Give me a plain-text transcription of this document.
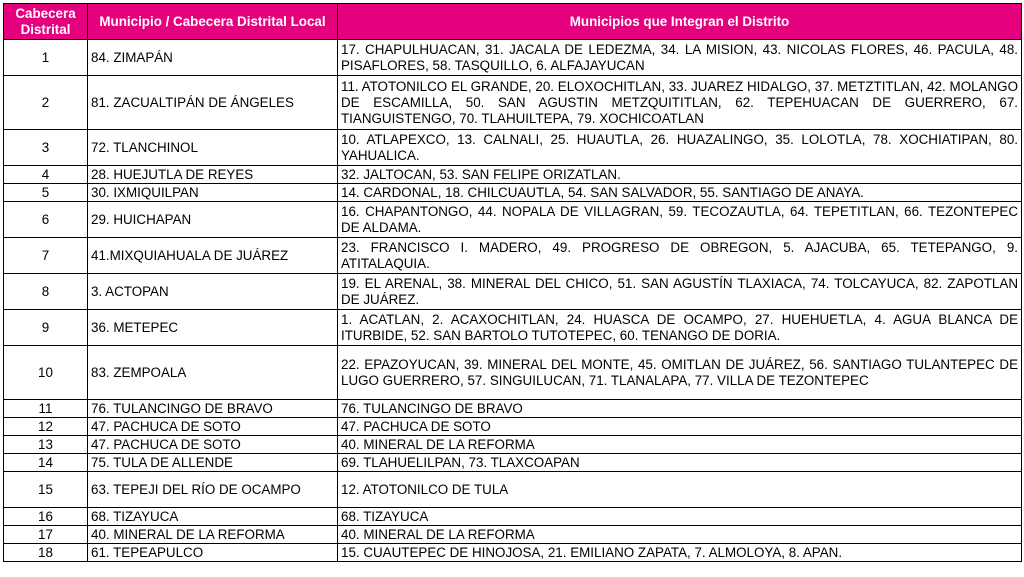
Cabecera Distrital	Municipio / Cabecera Distrital Local	Municipios que Integran el Distrito
1	84. ZIMAPÁN	17. CHAPULHUACAN, 31. JACALA DE LEDEZMA, 34. LA MISION, 43. NICOLAS FLORES, 46. PACULA, 48. PISAFLORES, 58. TASQUILLO, 6. ALFAJAYUCAN
2	81. ZACUALTIPÁN DE ÁNGELES	11. ATOTONILCO EL GRANDE, 20. ELOXOCHITLAN, 33. JUAREZ HIDALGO, 37. METZTITLAN, 42. MOLANGO DE ESCAMILLA, 50. SAN AGUSTIN METZQUITITLAN, 62. TEPEHUACAN DE GUERRERO, 67. TIANGUISTENGO, 70. TLAHUILTEPA, 79. XOCHICOATLAN
3	72. TLANCHINOL	10. ATLAPEXCO, 13. CALNALI, 25. HUAUTLA, 26. HUAZALINGO, 35. LOLOTLA, 78. XOCHIATIPAN, 80. YAHUALICA.
4	28. HUEJUTLA DE REYES	32. JALTOCAN, 53. SAN FELIPE ORIZATLAN.
5	30. IXMIQUILPAN	14. CARDONAL, 18. CHILCUAUTLA, 54. SAN SALVADOR, 55. SANTIAGO DE ANAYA.
6	29. HUICHAPAN	16. CHAPANTONGO, 44. NOPALA DE VILLAGRAN, 59. TECOZAUTLA, 64. TEPETITLAN, 66. TEZONTEPEC DE ALDAMA.
7	41.MIXQUIAHUALA DE JUÁREZ	23. FRANCISCO I. MADERO, 49. PROGRESO DE OBREGON, 5. AJACUBA, 65. TETEPANGO, 9. ATITALAQUIA.
8	3. ACTOPAN	19. EL ARENAL, 38. MINERAL DEL CHICO, 51. SAN AGUSTÍN TLAXIACA, 74. TOLCAYUCA, 82. ZAPOTLAN DE JUÁREZ.
9	36. METEPEC	1. ACATLAN, 2. ACAXOCHITLAN, 24. HUASCA DE OCAMPO, 27. HUEHUETLA, 4. AGUA BLANCA DE ITURBIDE, 52. SAN BARTOLO TUTOTEPEC, 60. TENANGO DE DORIA.
10	83. ZEMPOALA	22. EPAZOYUCAN, 39. MINERAL DEL MONTE, 45. OMITLAN DE JUÁREZ, 56. SANTIAGO TULANTEPEC DE LUGO GUERRERO, 57. SINGUILUCAN, 71. TLANALAPA, 77. VILLA DE TEZONTEPEC
11	76. TULANCINGO DE BRAVO	76. TULANCINGO DE BRAVO
12	47. PACHUCA DE SOTO	47. PACHUCA DE SOTO
13	47. PACHUCA DE SOTO	40. MINERAL DE LA REFORMA
14	75. TULA DE ALLENDE	69. TLAHUELILPAN, 73. TLAXCOAPAN
15	63. TEPEJI DEL RÍO DE OCAMPO	12. ATOTONILCO DE TULA
16	68. TIZAYUCA	68. TIZAYUCA
17	40. MINERAL DE LA REFORMA	40. MINERAL DE LA REFORMA
18	61. TEPEAPULCO	15. CUAUTEPEC DE HINOJOSA, 21. EMILIANO ZAPATA, 7. ALMOLOYA, 8. APAN.
